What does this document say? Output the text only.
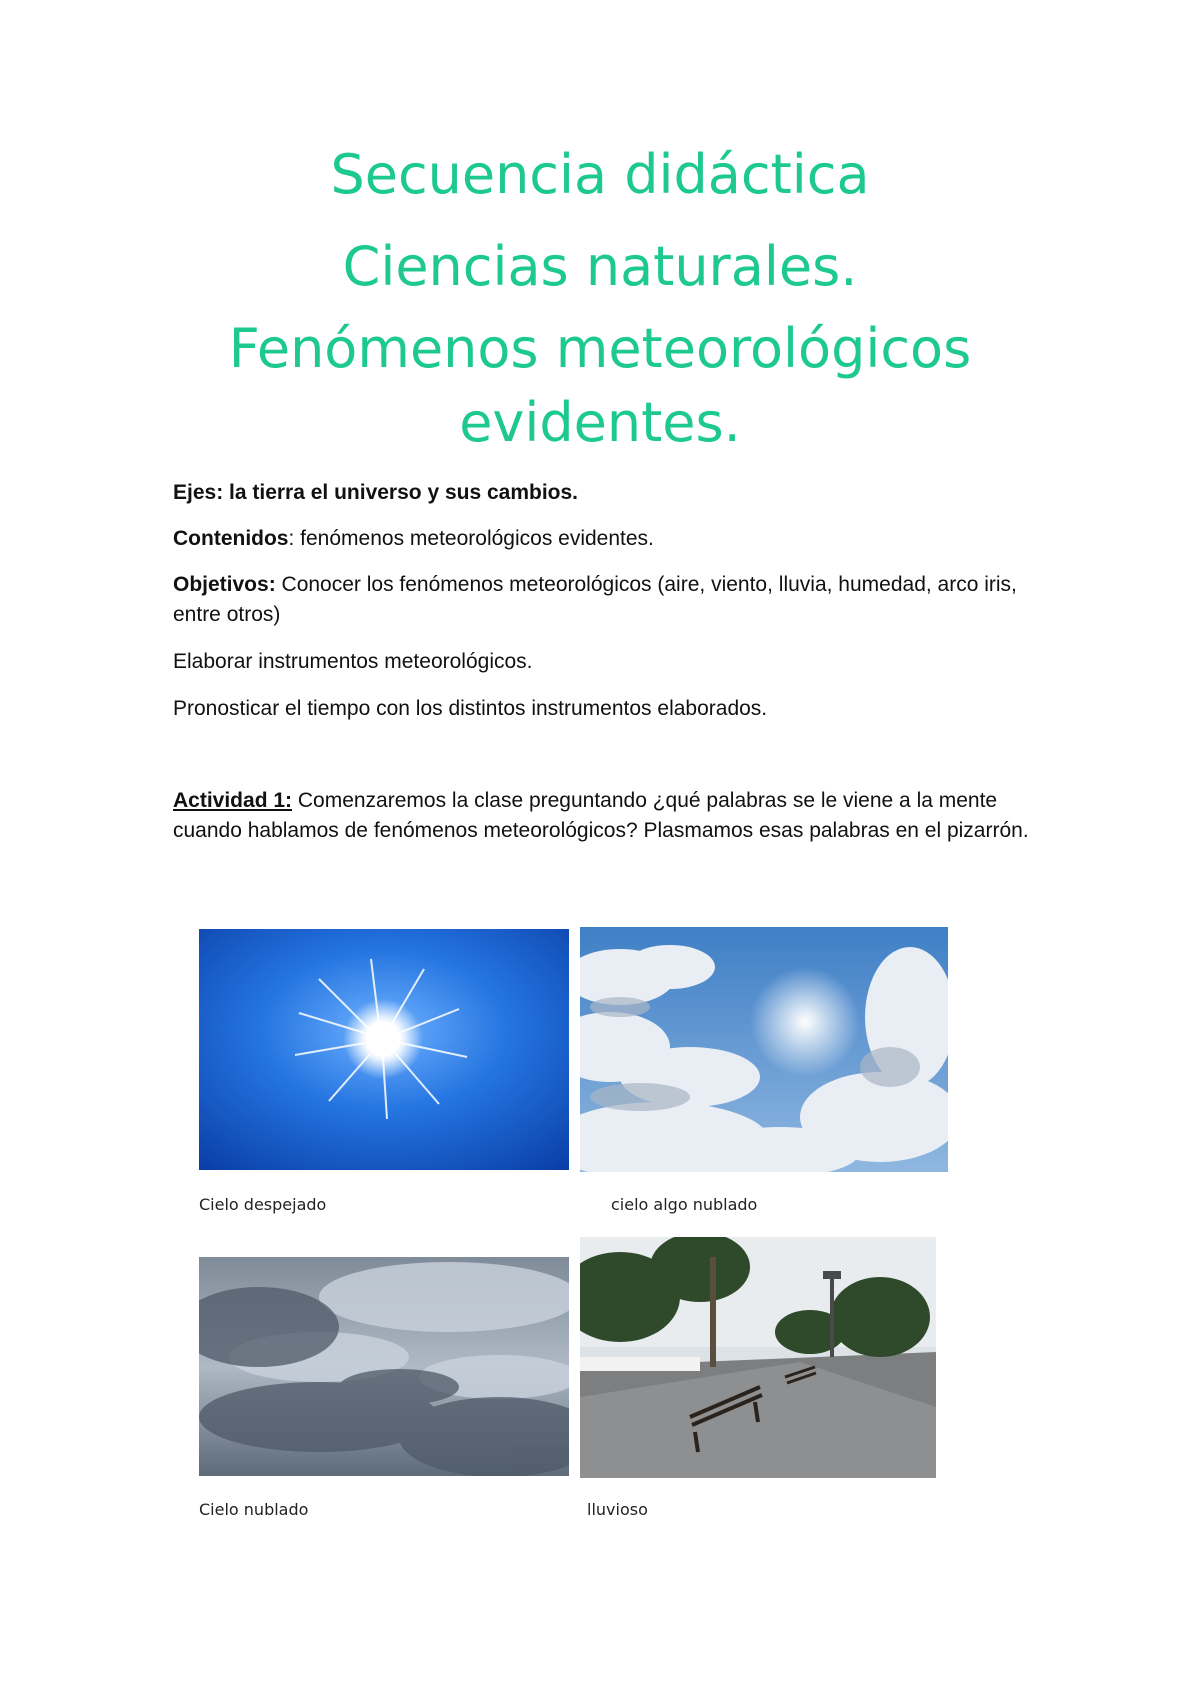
Secuencia didáctica
Ciencias naturales.
Fenómenos meteorológicos
evidentes.

Ejes: la tierra el universo y sus cambios.

Contenidos: fenómenos meteorológicos evidentes.

Objetivos: Conocer los fenómenos meteorológicos (aire, viento, lluvia, humedad, arco iris, entre otros)

Elaborar instrumentos meteorológicos.

Pronosticar el tiempo con los distintos instrumentos elaborados.

Actividad 1: Comenzaremos la clase preguntando ¿qué palabras se le viene a la mente cuando hablamos de fenómenos meteorológicos? Plasmamos esas palabras en el pizarrón.

Cielo despejado	cielo algo nublado
Cielo nublado	lluvioso
